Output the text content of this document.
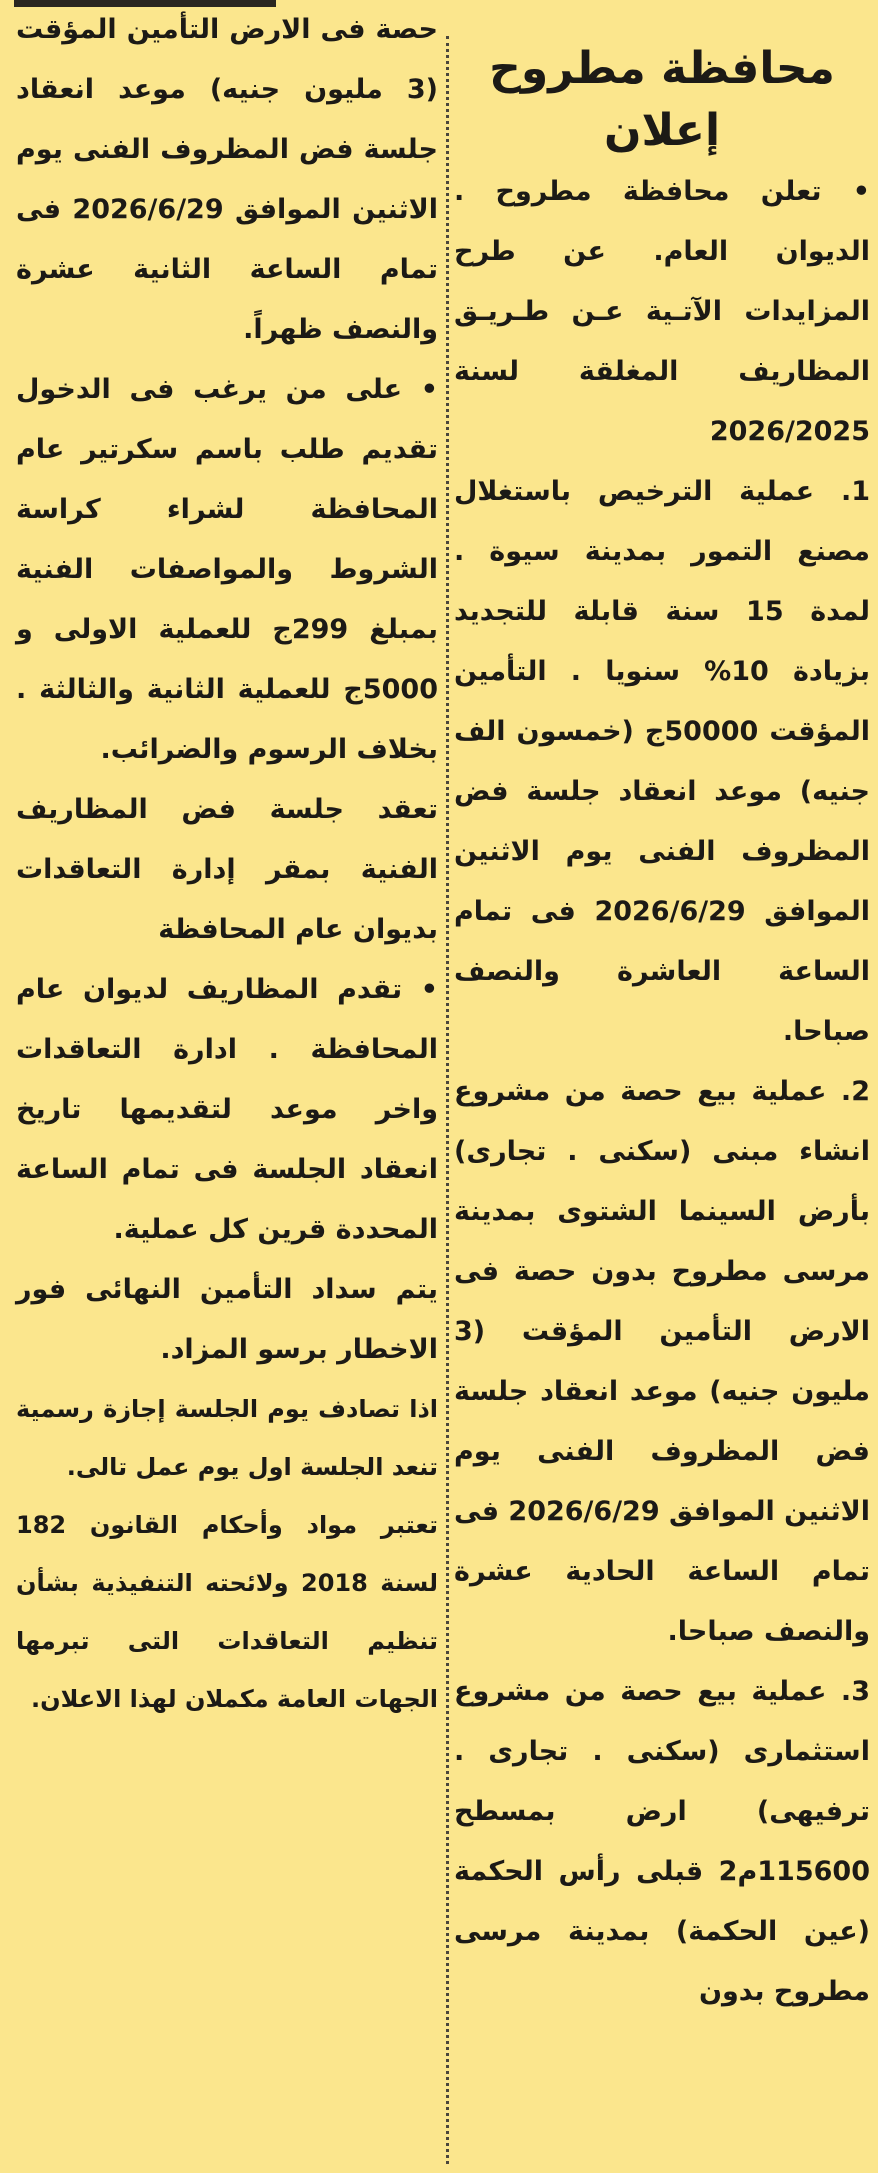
محافظة مطروح
إعلان

• تعلن محافظة مطروح . الديوان العام. عن طرح المزايدات الآتـية عـن طـريـق المظاريف المغلقة لسنة 2026/2025

1. عملية الترخيص باستغلال مصنع التمور بمدينة سيوة . لمدة 15 سنة قابلة للتجديد بزيادة 10% سنويا . التأمين المؤقت 50000ج (خمسون الف جنيه) موعد انعقاد جلسة فض المظروف الفنى يوم الاثنين الموافق 2026/6/29 فى تمام الساعة العاشرة والنصف صباحا.

2. عملية بيع حصة من مشروع انشاء مبنى (سكنى . تجارى) بأرض السينما الشتوى بمدينة مرسى مطروح بدون حصة فى الارض التأمين المؤقت (3 مليون جنيه) موعد انعقاد جلسة فض المظروف الفنى يوم الاثنين الموافق 2026/6/29 فى تمام الساعة الحادية عشرة والنصف صباحا.

3. عملية بيع حصة من مشروع استثمارى (سكنى . تجارى . ترفيهى) ارض بمسطح 115600م2 قبلى رأس الحكمة (عين الحكمة) بمدينة مرسى مطروح بدون

حصة فى الارض التأمين المؤقت (3 مليون جنيه) موعد انعقاد جلسة فض المظروف الفنى يوم الاثنين الموافق 2026/6/29 فى تمام الساعة الثانية عشرة والنصف ظهراً.

• على من يرغب فى الدخول تقديم طلب باسم سكرتير عام المحافظة لشراء كراسة الشروط والمواصفات الفنية بمبلغ 299ج للعملية الاولى و 5000ج للعملية الثانية والثالثة . بخلاف الرسوم والضرائب.

تعقد جلسة فض المظاريف الفنية بمقر إدارة التعاقدات بديوان عام المحافظة

• تقدم المظاريف لديوان عام المحافظة . ادارة التعاقدات واخر موعد لتقديمها تاريخ انعقاد الجلسة فى تمام الساعة المحددة قرين كل عملية.

يتم سداد التأمين النهائى فور الاخطار برسو المزاد.

اذا تصادف يوم الجلسة إجازة رسمية تنعد الجلسة اول يوم عمل تالى.

تعتبر مواد وأحكام القانون 182 لسنة 2018 ولائحته التنفيذية بشأن تنظيم التعاقدات التى تبرمها الجهات العامة مكملان لهذا الاعلان.
